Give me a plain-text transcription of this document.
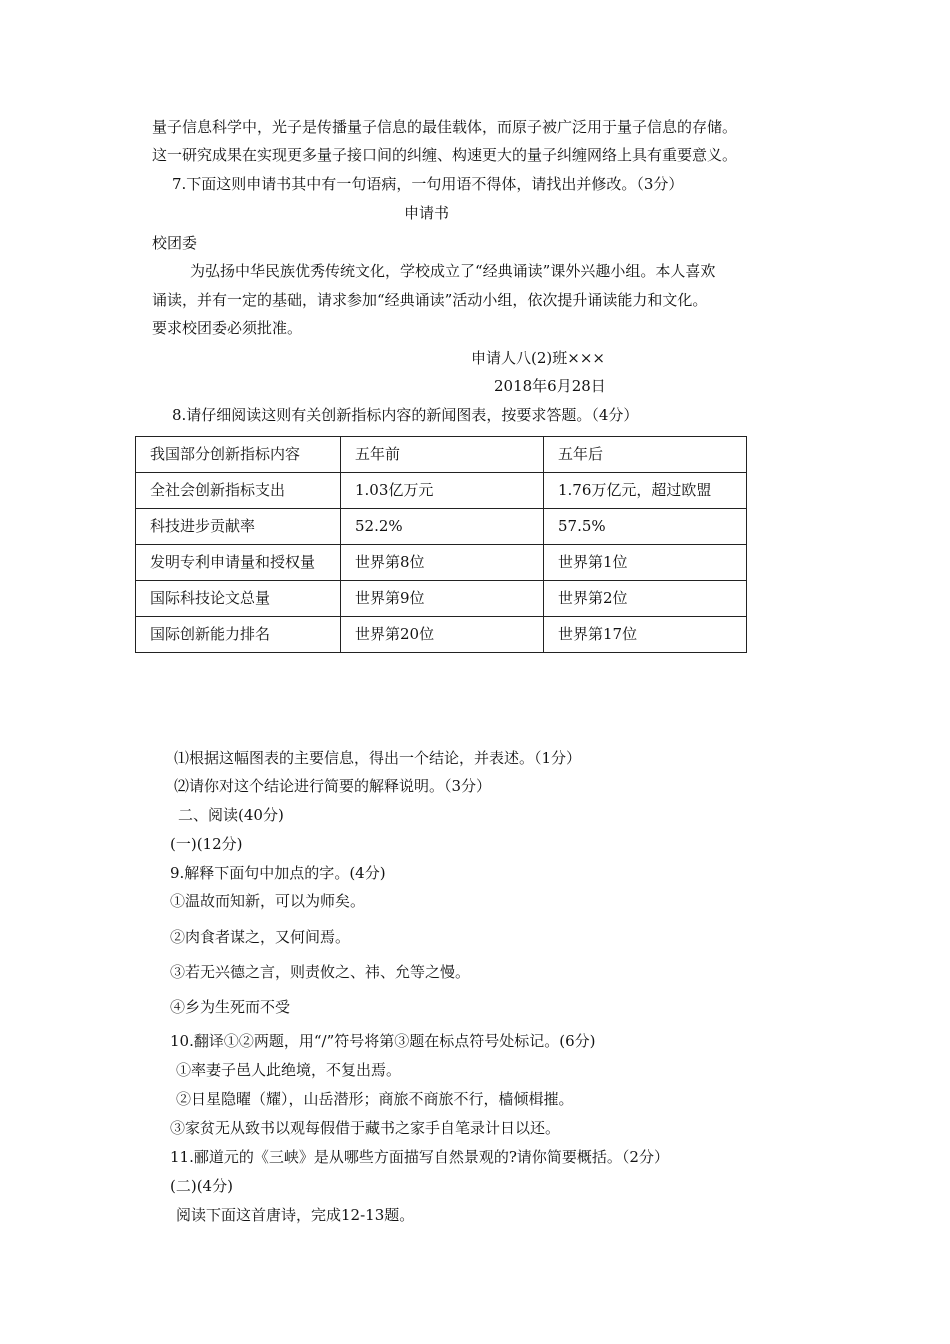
量子信息科学中，光子是传播量子信息的最佳载体，而原子被广泛用于量子信息的存储。
这一研究成果在实现更多量子接口间的纠缠、构速更大的量子纠缠网络上具有重要意义。
7.下面这则申请书其中有一句语病，一句用语不得体，请找出并修改。（3分）
申请书
校团委
为弘扬中华民族优秀传统文化，学校成立了“经典诵读”课外兴趣小组。本人喜欢
诵读，并有一定的基础，请求参加“经典诵读”活动小组，依次提升诵读能力和文化。
要求校团委必须批准。
申请人八(2)班×××
2018年6月28日
8.请仔细阅读这则有关创新指标内容的新闻图表，按要求答题。（4分）
我国部分创新指标内容	五年前	五年后
全社会创新指标支出	1.03亿万元	1.76万亿元，超过欧盟
科技进步贡献率	52.2%	57.5%
发明专利申请量和授权量	世界第8位	世界第1位
国际科技论文总量	世界第9位	世界第2位
国际创新能力排名	世界第20位	世界第17位
⑴根据这幅图表的主要信息，得出一个结论，并表述。（1分）
⑵请你对这个结论进行简要的解释说明。（3分）
二、阅读(40分)
(一)(12分)
9.解释下面句中加点的字。(4分)
①温故而知新，可以为师矣。
②肉食者谋之，又何间焉。
③若无兴德之言，则责攸之、祎、允等之慢。
④乡为生死而不受
10.翻译①②两题，用“/”符号将第③题在标点符号处标记。(6分)
①率妻子邑人此绝境，不复出焉。
②日星隐曜（耀），山岳潜形；商旅不商旅不行，樯倾楫摧。
③家贫无从致书以观每假借于藏书之家手自笔录计日以还。
11.郦道元的《三峡》是从哪些方面描写自然景观的?请你简要概括。（2分）
(二)(4分)
阅读下面这首唐诗，完成12-13题。
